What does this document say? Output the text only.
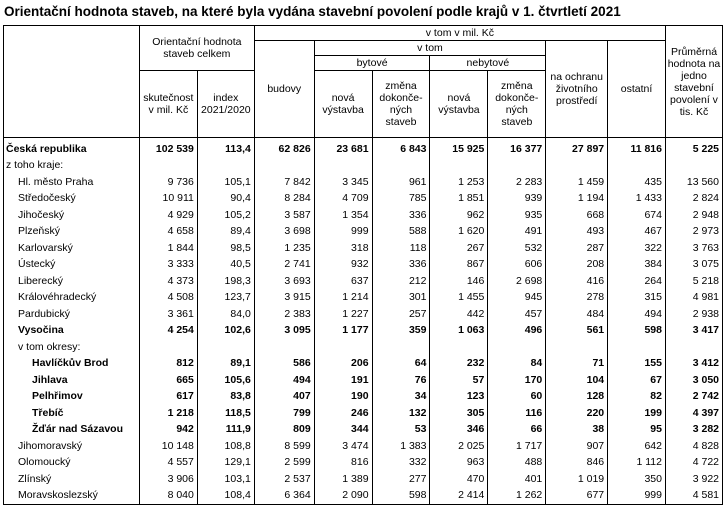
Orientační hodnota staveb, na které byla vydána stavební povolení podle krajů v 1. čtvrtletí 2021
	Orientační hodnota staveb celkem		v tom v mil. Kč							Průměrná hodnota na jedno stavební povolení v tis. Kč
			budovy	v tom				na ochranu životního prostředí	ostatní	
				bytové		nebytové				
	skutečnost v mil. Kč	index 2021/2020		nová výstavba	změna dokonče-ných staveb	nová výstavba	změna dokonče-ných staveb			
Česká republika	102 539	113,4	62 826	23 681	6 843	15 925	16 377	27 897	11 816	5 225
z toho kraje:										
Hl. město Praha	9 736	105,1	7 842	3 345	961	1 253	2 283	1 459	435	13 560
Středočeský	10 911	90,4	8 284	4 709	785	1 851	939	1 194	1 433	2 824
Jihočeský	4 929	105,2	3 587	1 354	336	962	935	668	674	2 948
Plzeňský	4 658	89,4	3 698	999	588	1 620	491	493	467	2 973
Karlovarský	1 844	98,5	1 235	318	118	267	532	287	322	3 763
Ústecký	3 333	40,5	2 741	932	336	867	606	208	384	3 075
Liberecký	4 373	198,3	3 693	637	212	146	2 698	416	264	5 218
Královéhradecký	4 508	123,7	3 915	1 214	301	1 455	945	278	315	4 981
Pardubický	3 361	84,0	2 383	1 227	257	442	457	484	494	2 938
Vysočina	4 254	102,6	3 095	1 177	359	1 063	496	561	598	3 417
v tom okresy:										
Havlíčkův Brod	812	89,1	586	206	64	232	84	71	155	3 412
Jihlava	665	105,6	494	191	76	57	170	104	67	3 050
Pelhřimov	617	83,8	407	190	34	123	60	128	82	2 742
Třebíč	1 218	118,5	799	246	132	305	116	220	199	4 397
Žďár nad Sázavou	942	111,9	809	344	53	346	66	38	95	3 282
Jihomoravský	10 148	108,8	8 599	3 474	1 383	2 025	1 717	907	642	4 828
Olomoucký	4 557	129,1	2 599	816	332	963	488	846	1 112	4 722
Zlínský	3 906	103,1	2 537	1 389	277	470	401	1 019	350	3 922
Moravskoslezský	8 040	108,4	6 364	2 090	598	2 414	1 262	677	999	4 581
